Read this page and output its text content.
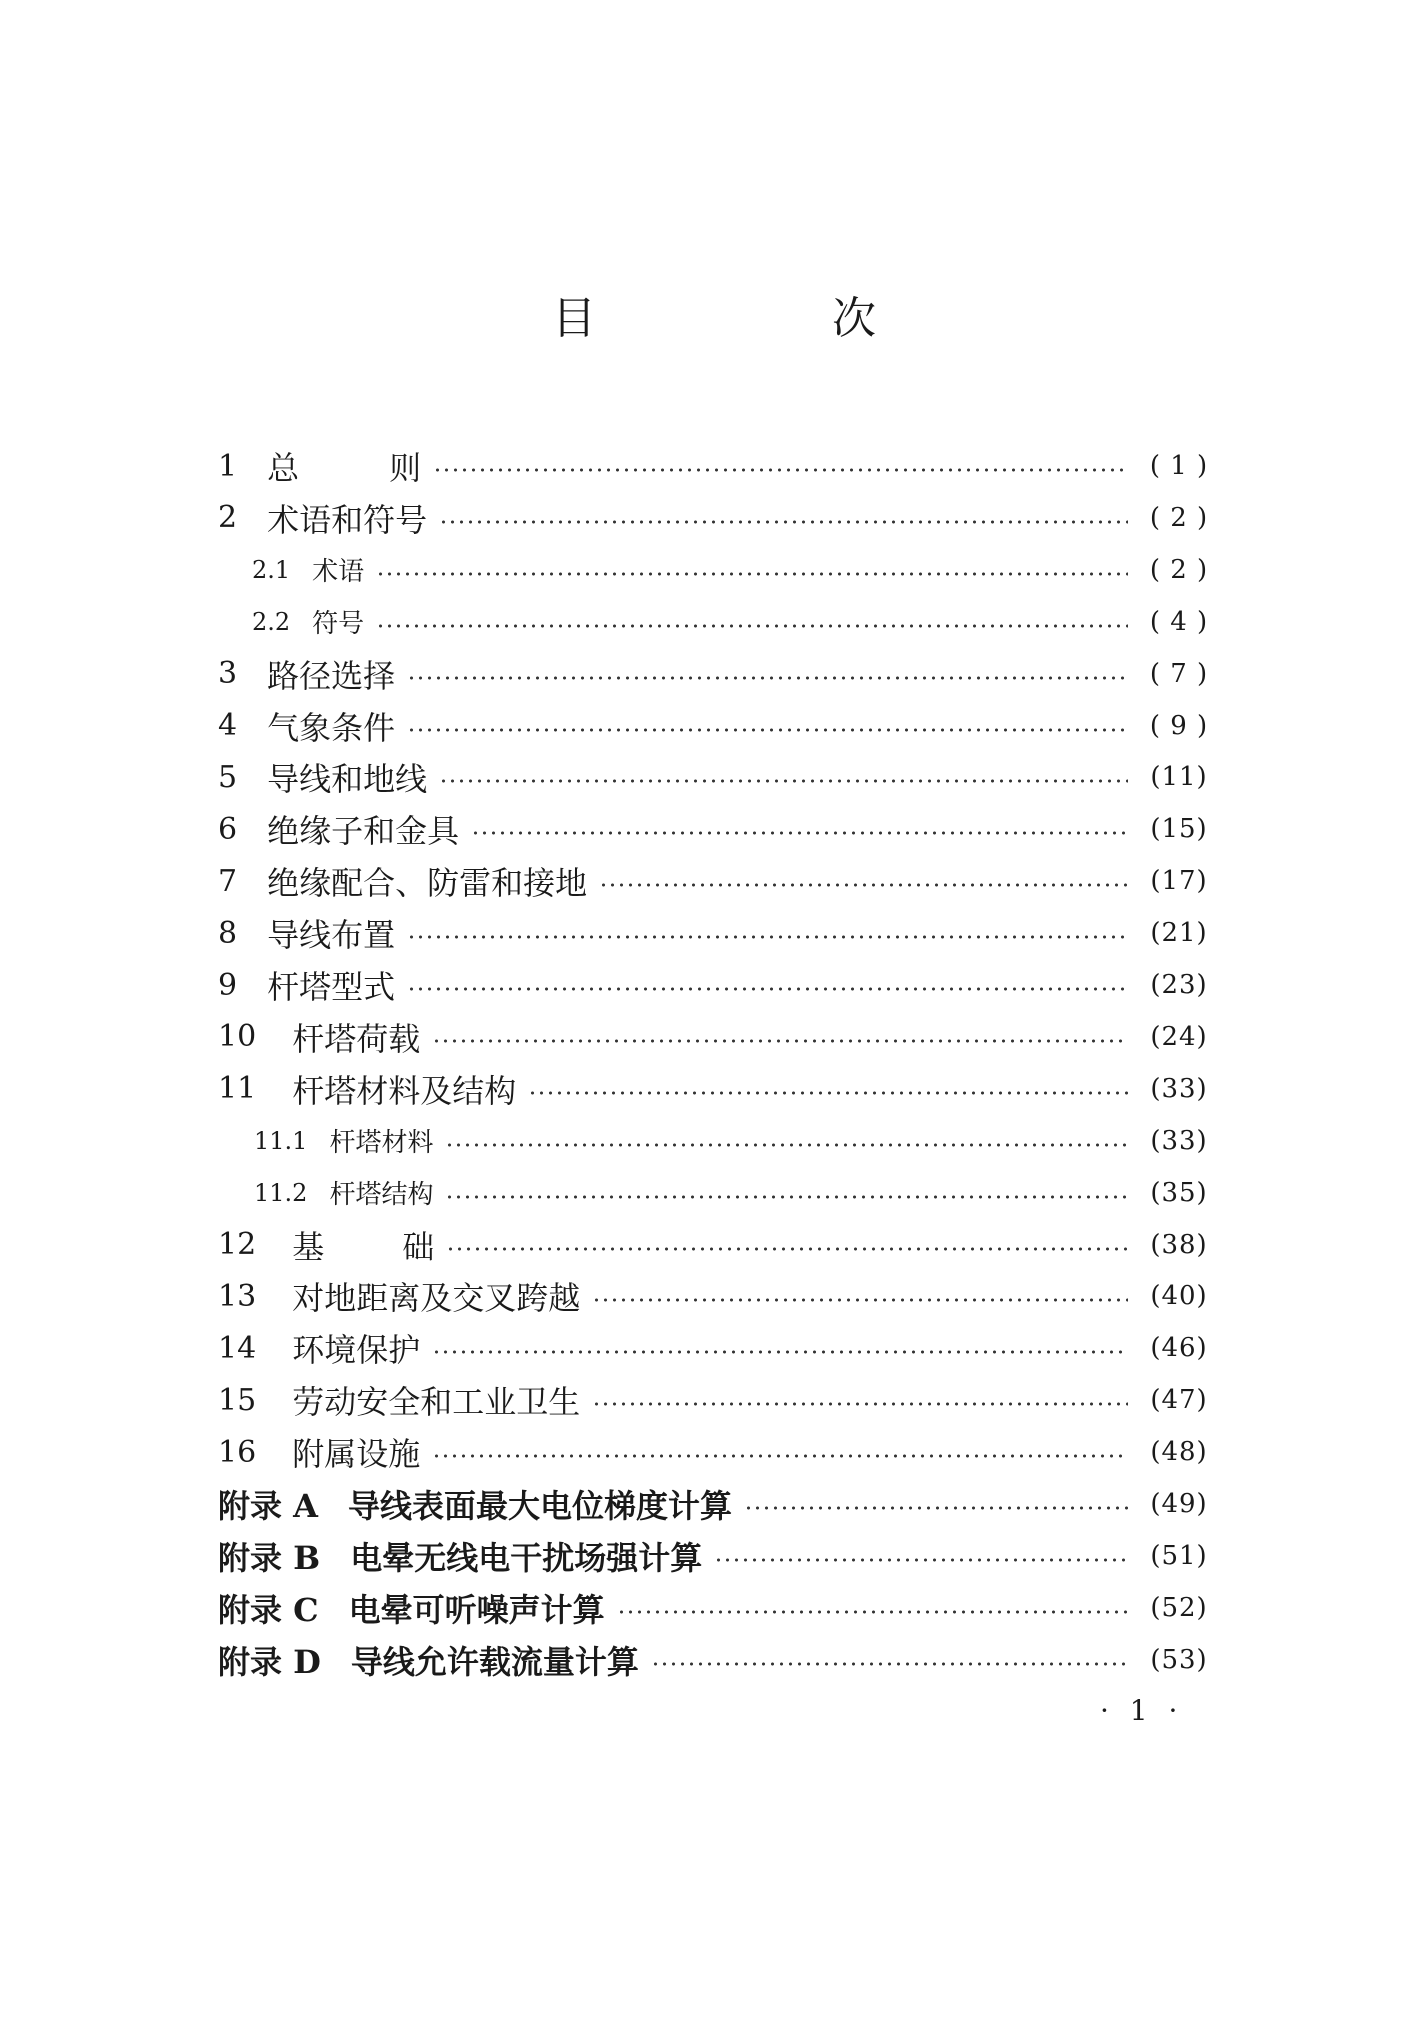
目　次
1 总	则	( 1 )
2 术语和符号	( 2 )
2.1 术语	( 2 )
2.2 符号	( 4 )
3 路径选择	( 7 )
4 气象条件	( 9 )
5 导线和地线	(11)
6 绝缘子和金具	(15)
7 绝缘配合、防雷和接地	(17)
8 导线布置	(21)
9 杆塔型式	(23)
10 杆塔荷载	(24)
11 杆塔材料及结构	(33)
11.1 杆塔材料	(33)
11.2 杆塔结构	(35)
12 基 础	(38)
13 对地距离及交叉跨越	(40)
14 环境保护	(46)
15 劳动安全和工业卫生	(47)
16 附属设施	(48)
附录 A 导线表面最大电位梯度计算	(49)
附录 B 电晕无线电干扰场强计算	(51)
附录 C 电晕可听噪声计算	(52)
附录 D 导线允许载流量计算	(53)
· 1 ·
